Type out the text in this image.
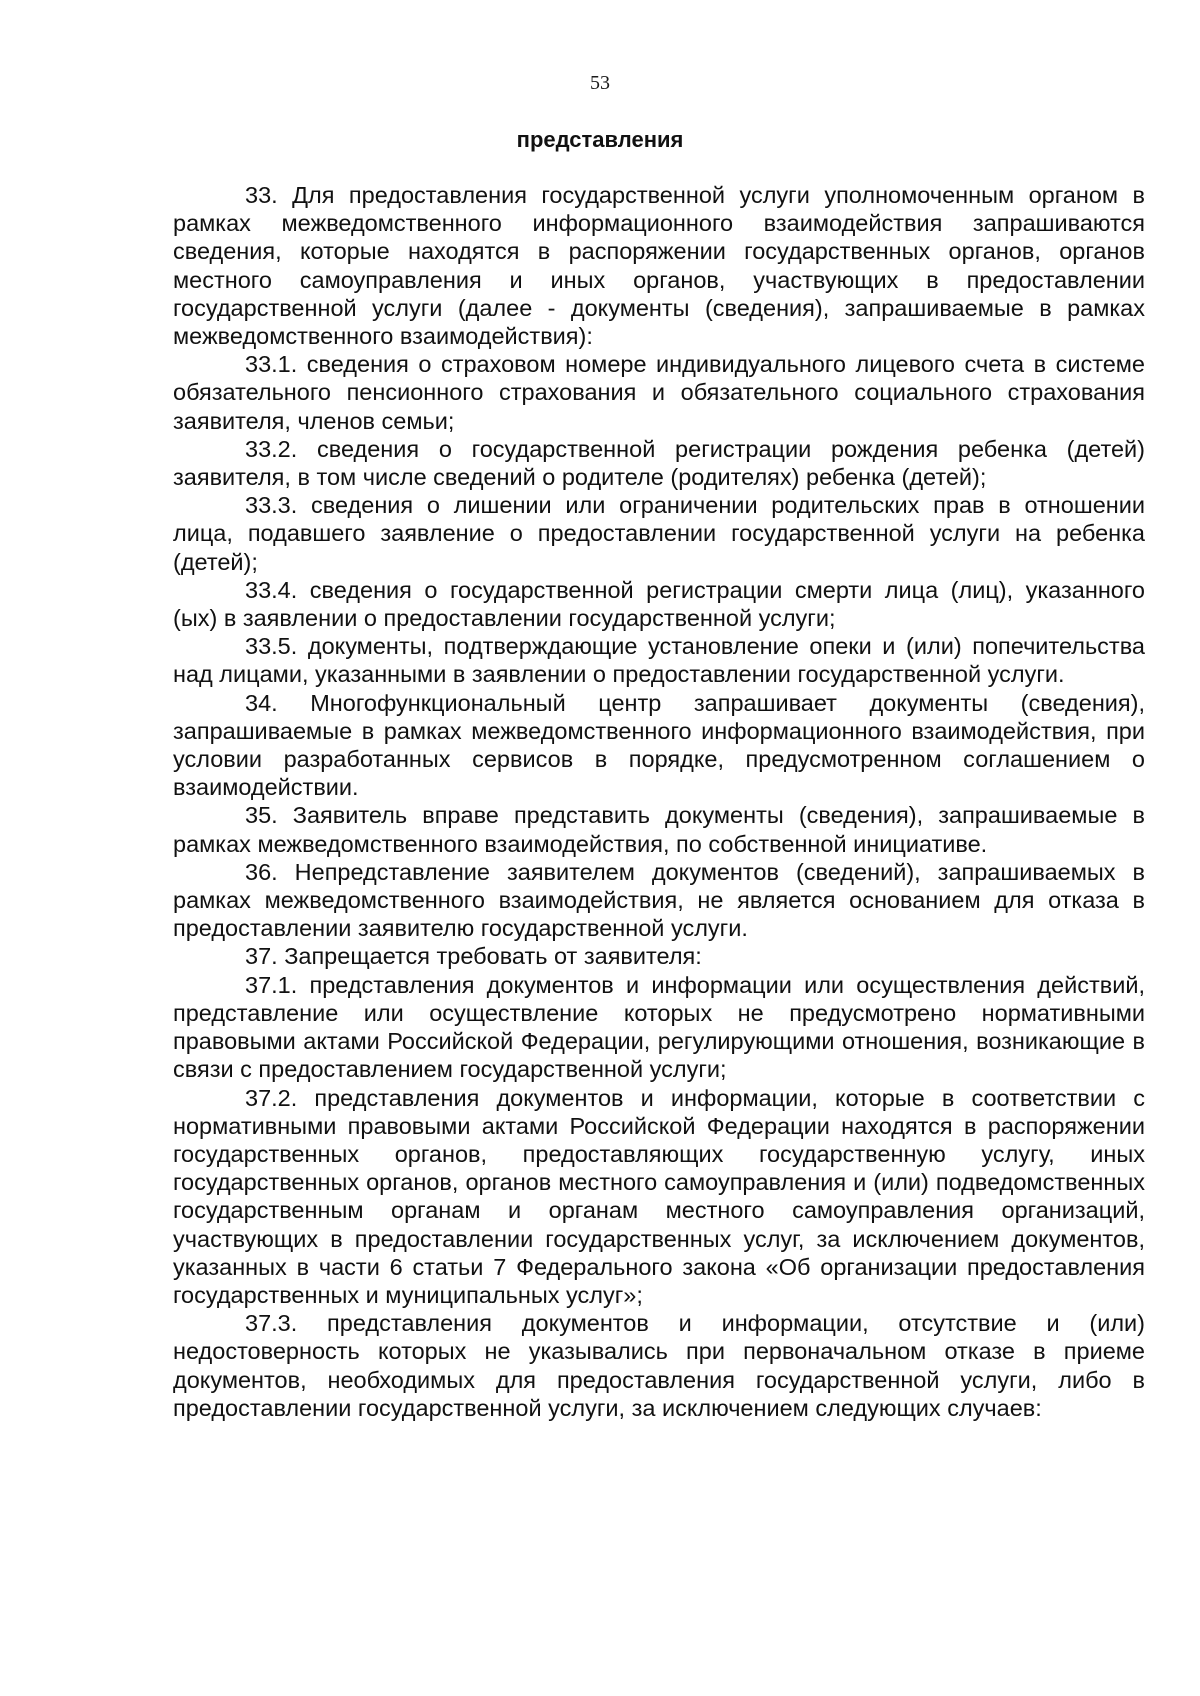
53
представления

33. Для предоставления государственной услуги уполномоченным органом в рамках межведомственного информационного взаимодействия запрашиваются сведения, которые находятся в распоряжении государственных органов, органов местного самоуправления и иных органов, участвующих в предоставлении государственной услуги (далее - документы (сведения), запрашиваемые в рамках межведомственного взаимодействия):

33.1. сведения о страховом номере индивидуального лицевого счета в системе обязательного пенсионного страхования и обязательного социального страхования заявителя, членов семьи;

33.2. сведения о государственной регистрации рождения ребенка (детей) заявителя, в том числе сведений о родителе (родителях) ребенка (детей);

33.3. сведения о лишении или ограничении родительских прав в отношении лица, подавшего заявление о предоставлении государственной услуги на ребенка (детей);

33.4. сведения о государственной регистрации смерти лица (лиц), указанного (ых) в заявлении о предоставлении государственной услуги;

33.5. документы, подтверждающие установление опеки и (или) попечительства над лицами, указанными в заявлении о предоставлении государственной услуги.

34. Многофункциональный центр запрашивает документы (сведения), запрашиваемые в рамках межведомственного информационного взаимодействия, при условии разработанных сервисов в порядке, предусмотренном соглашением о взаимодействии.

35. Заявитель вправе представить документы (сведения), запрашиваемые в рамках межведомственного взаимодействия, по собственной инициативе.

36. Непредставление заявителем документов (сведений), запрашиваемых в рамках межведомственного взаимодействия, не является основанием для отказа в предоставлении заявителю государственной услуги.

37. Запрещается требовать от заявителя:

37.1. представления документов и информации или осуществления действий, представление или осуществление которых не предусмотрено нормативными правовыми актами Российской Федерации, регулирующими отношения, возникающие в связи с предоставлением государственной услуги;

37.2. представления документов и информации, которые в соответствии с нормативными правовыми актами Российской Федерации находятся в распоряжении государственных органов, предоставляющих государственную услугу, иных государственных органов, органов местного самоуправления и (или) подведомственных государственным органам и органам местного самоуправления организаций, участвующих в предоставлении государственных услуг, за исключением документов, указанных в части 6 статьи 7 Федерального закона «Об организации предоставления государственных и муниципальных услуг»;

37.3. представления документов и информации, отсутствие и (или) недостоверность которых не указывались при первоначальном отказе в приеме документов, необходимых для предоставления государственной услуги, либо в предоставлении государственной услуги, за исключением следующих случаев:
